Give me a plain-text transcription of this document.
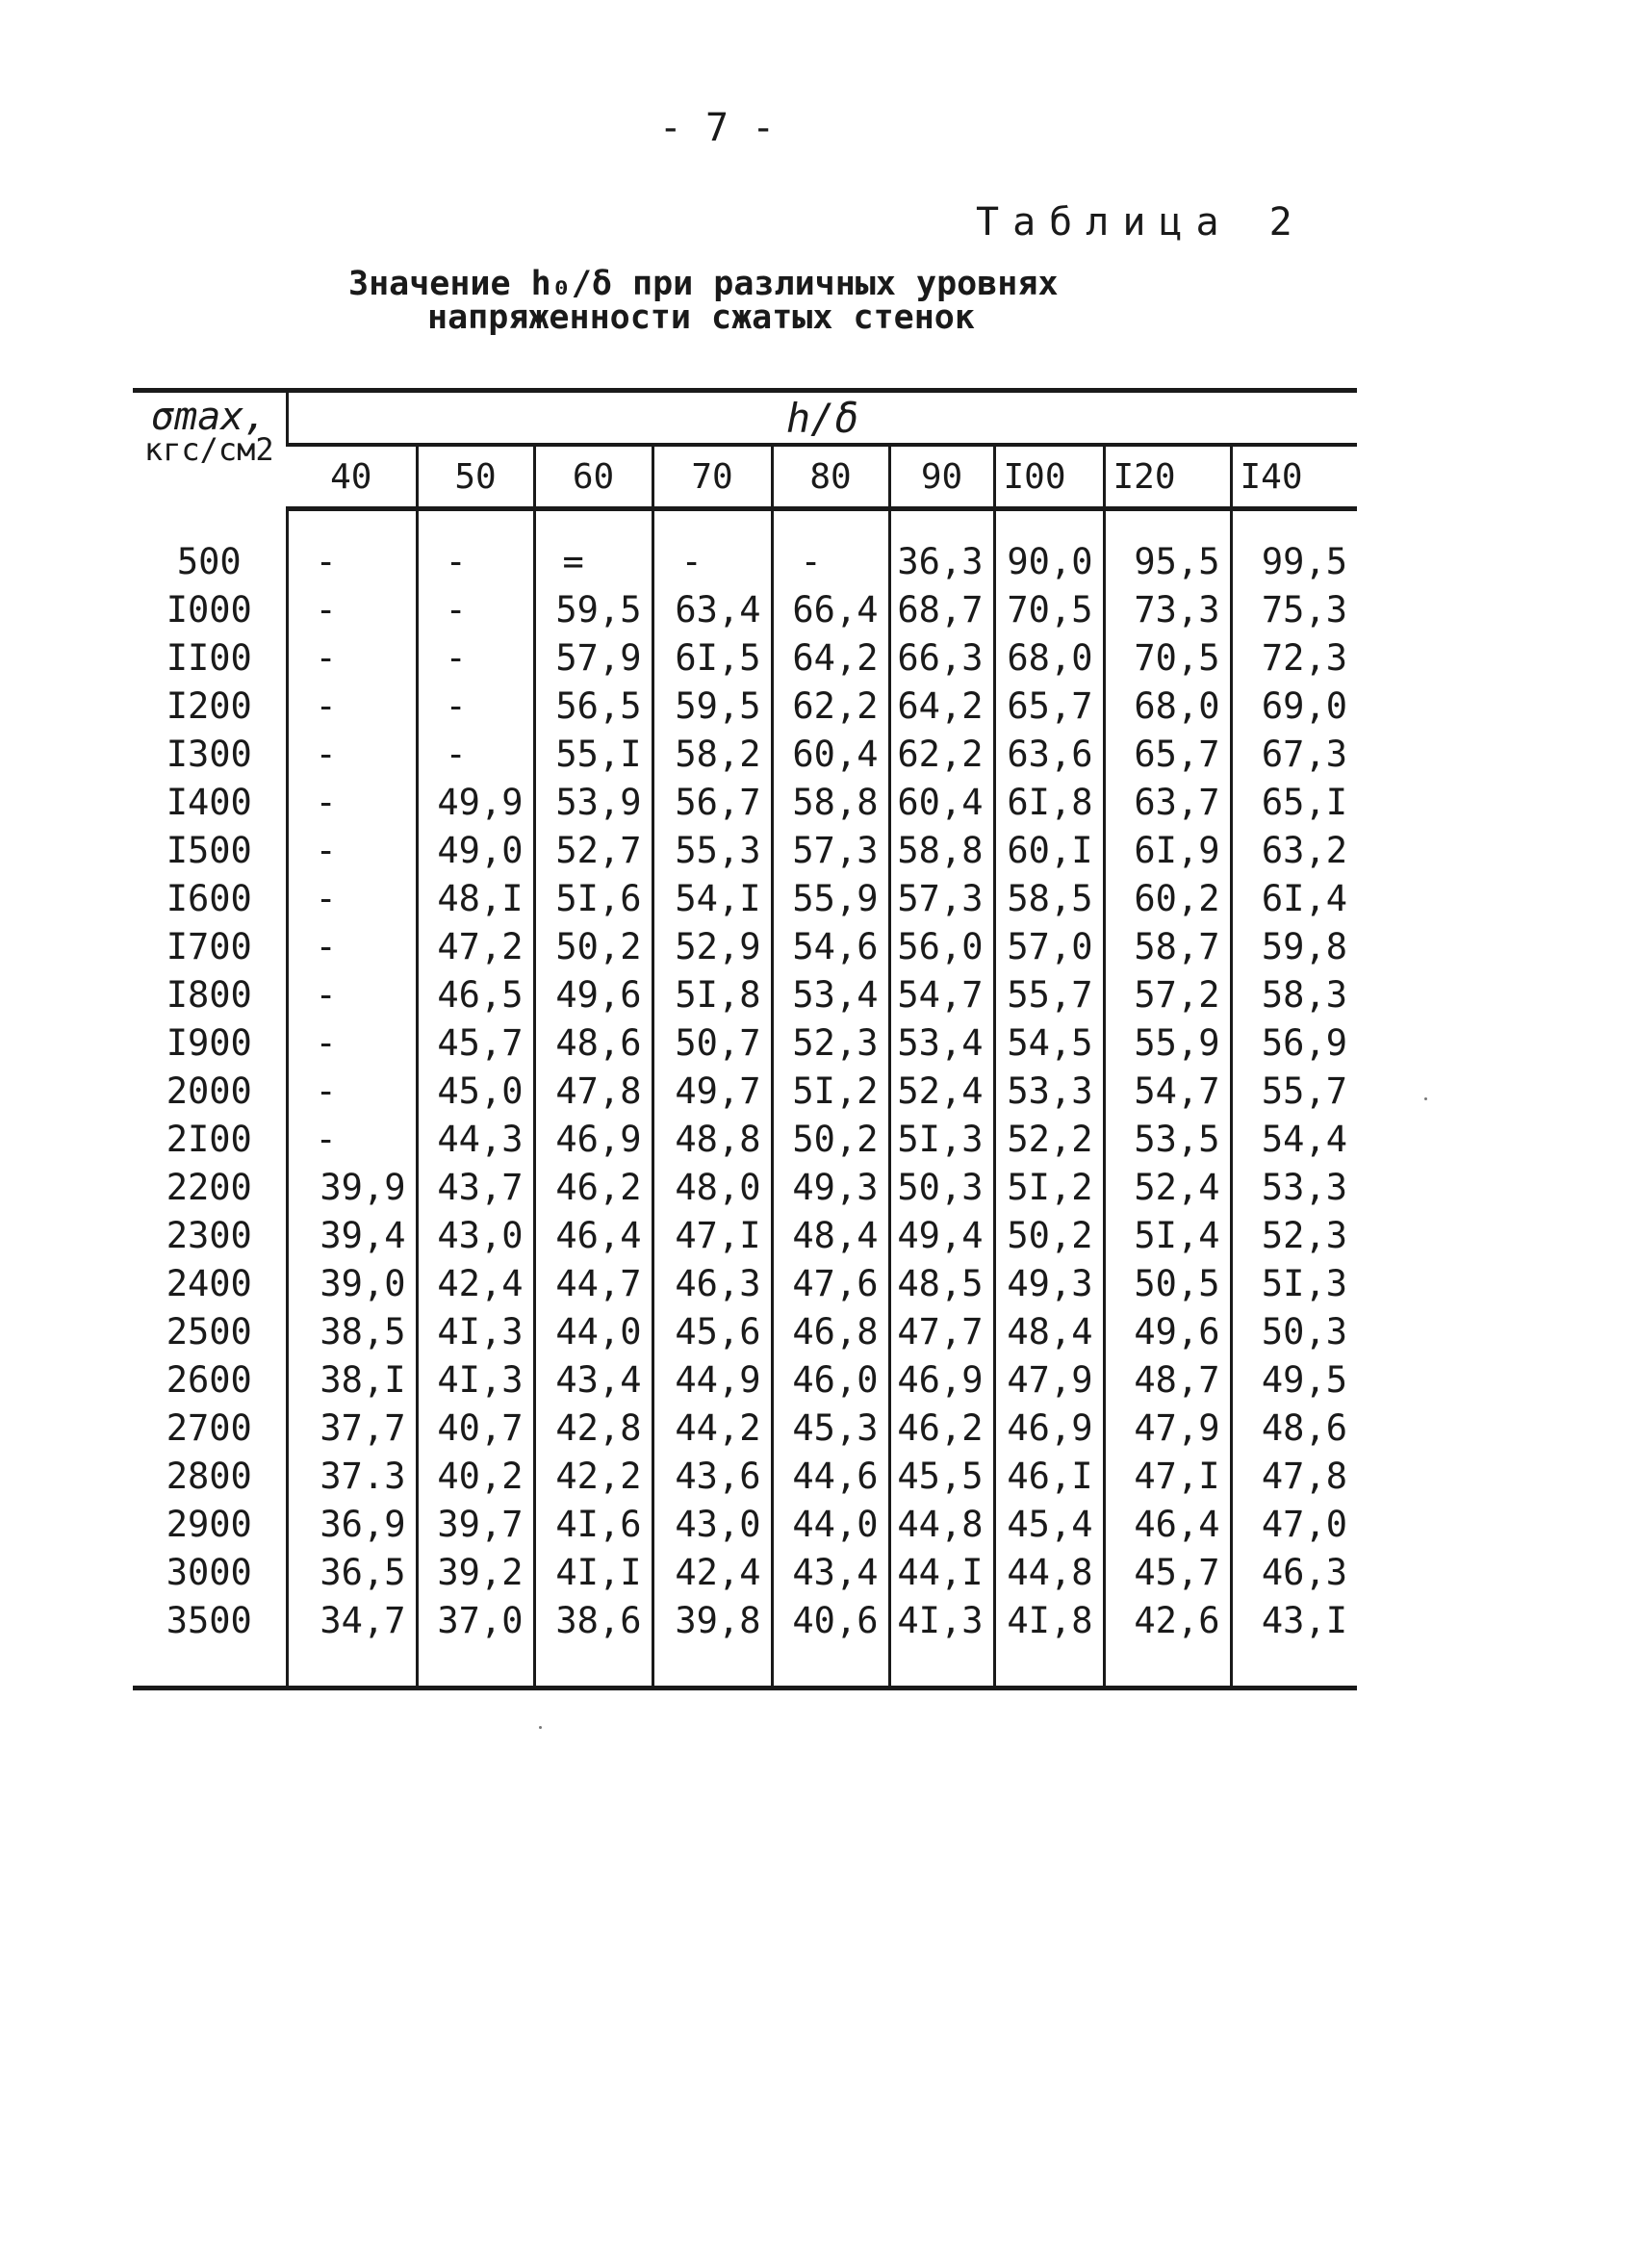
- 7 -
Таблица 2
Значение h₀/δ при различных уровнях
напряженности сжатых стенок
σmax,
кгс/см2	h/δ								
	40	50	60	70	80	90	I00	I20	I40

500	-	-	=	-	-	36,3	90,0	95,5	99,5
I000	-	-	59,5	63,4	66,4	68,7	70,5	73,3	75,3
II00	-	-	57,9	6I,5	64,2	66,3	68,0	70,5	72,3
I200	-	-	56,5	59,5	62,2	64,2	65,7	68,0	69,0
I300	-	-	55,I	58,2	60,4	62,2	63,6	65,7	67,3
I400	-	49,9	53,9	56,7	58,8	60,4	6I,8	63,7	65,I
I500	-	49,0	52,7	55,3	57,3	58,8	60,I	6I,9	63,2
I600	-	48,I	5I,6	54,I	55,9	57,3	58,5	60,2	6I,4
I700	-	47,2	50,2	52,9	54,6	56,0	57,0	58,7	59,8
I800	-	46,5	49,6	5I,8	53,4	54,7	55,7	57,2	58,3
I900	-	45,7	48,6	50,7	52,3	53,4	54,5	55,9	56,9
2000	-	45,0	47,8	49,7	5I,2	52,4	53,3	54,7	55,7
2I00	-	44,3	46,9	48,8	50,2	5I,3	52,2	53,5	54,4
2200	39,9	43,7	46,2	48,0	49,3	50,3	5I,2	52,4	53,3
2300	39,4	43,0	46,4	47,I	48,4	49,4	50,2	5I,4	52,3
2400	39,0	42,4	44,7	46,3	47,6	48,5	49,3	50,5	5I,3
2500	38,5	4I,3	44,0	45,6	46,8	47,7	48,4	49,6	50,3
2600	38,I	4I,3	43,4	44,9	46,0	46,9	47,9	48,7	49,5
2700	37,7	40,7	42,8	44,2	45,3	46,2	46,9	47,9	48,6
2800	37.3	40,2	42,2	43,6	44,6	45,5	46,I	47,I	47,8
2900	36,9	39,7	4I,6	43,0	44,0	44,8	45,4	46,4	47,0
3000	36,5	39,2	4I,I	42,4	43,4	44,I	44,8	45,7	46,3
3500	34,7	37,0	38,6	39,8	40,6	4I,3	4I,8	42,6	43,I
